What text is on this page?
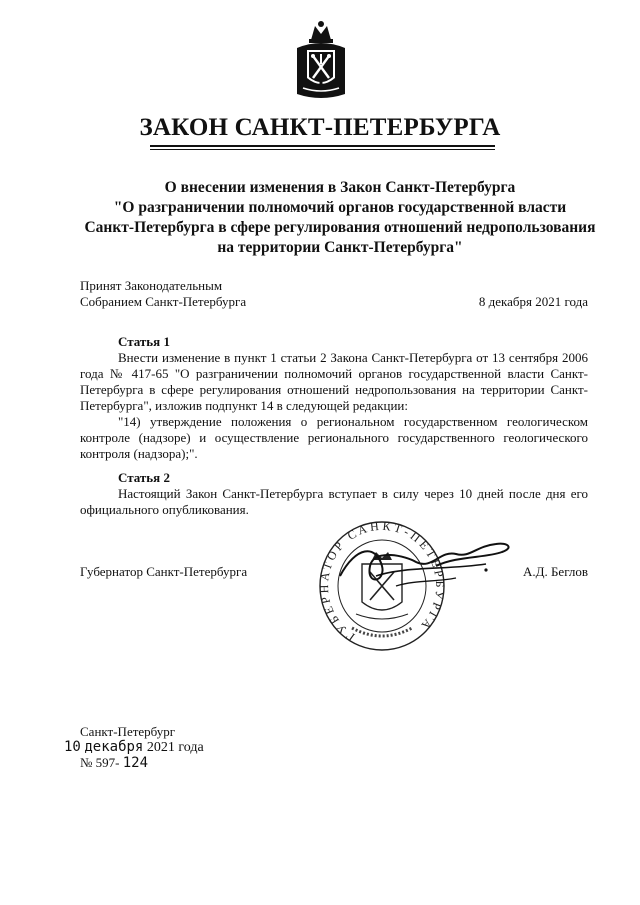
ЗАКОН САНКТ-ПЕТЕРБУРГА
О внесении изменения в Закон Санкт-Петербурга
"О разграничении полномочий органов государственной власти
Санкт-Петербурга в сфере регулирования отношений недропользования
на территории Санкт-Петербурга"
Принят Законодательным
Собранием Санкт-Петербурга	8 декабря 2021 года
Статья 1
Внести изменение в пункт 1 статьи 2 Закона Санкт-Петербурга от 13 сентября 2006 года № 417-65 "О разграничении полномочий органов государственной власти Санкт-Петербурга в сфере регулирования отношений недропользования на территории Санкт-Петербурга", изложив подпункт 14 в следующей редакции:
"14) утверждение положения о региональном государственном геологическом контроле (надзоре) и осуществление регионального государственного геологического контроля (надзора);".
Статья 2
Настоящий Закон Санкт-Петербурга вступает в силу через 10 дней после дня его официального опубликования.
Губернатор Санкт-Петербурга	А.Д. Беглов
ГУБЕРНАТОР САНКТ-ПЕТЕРБУРГА
Санкт-Петербург
10 декабря 2021 года
№ 597- 124
